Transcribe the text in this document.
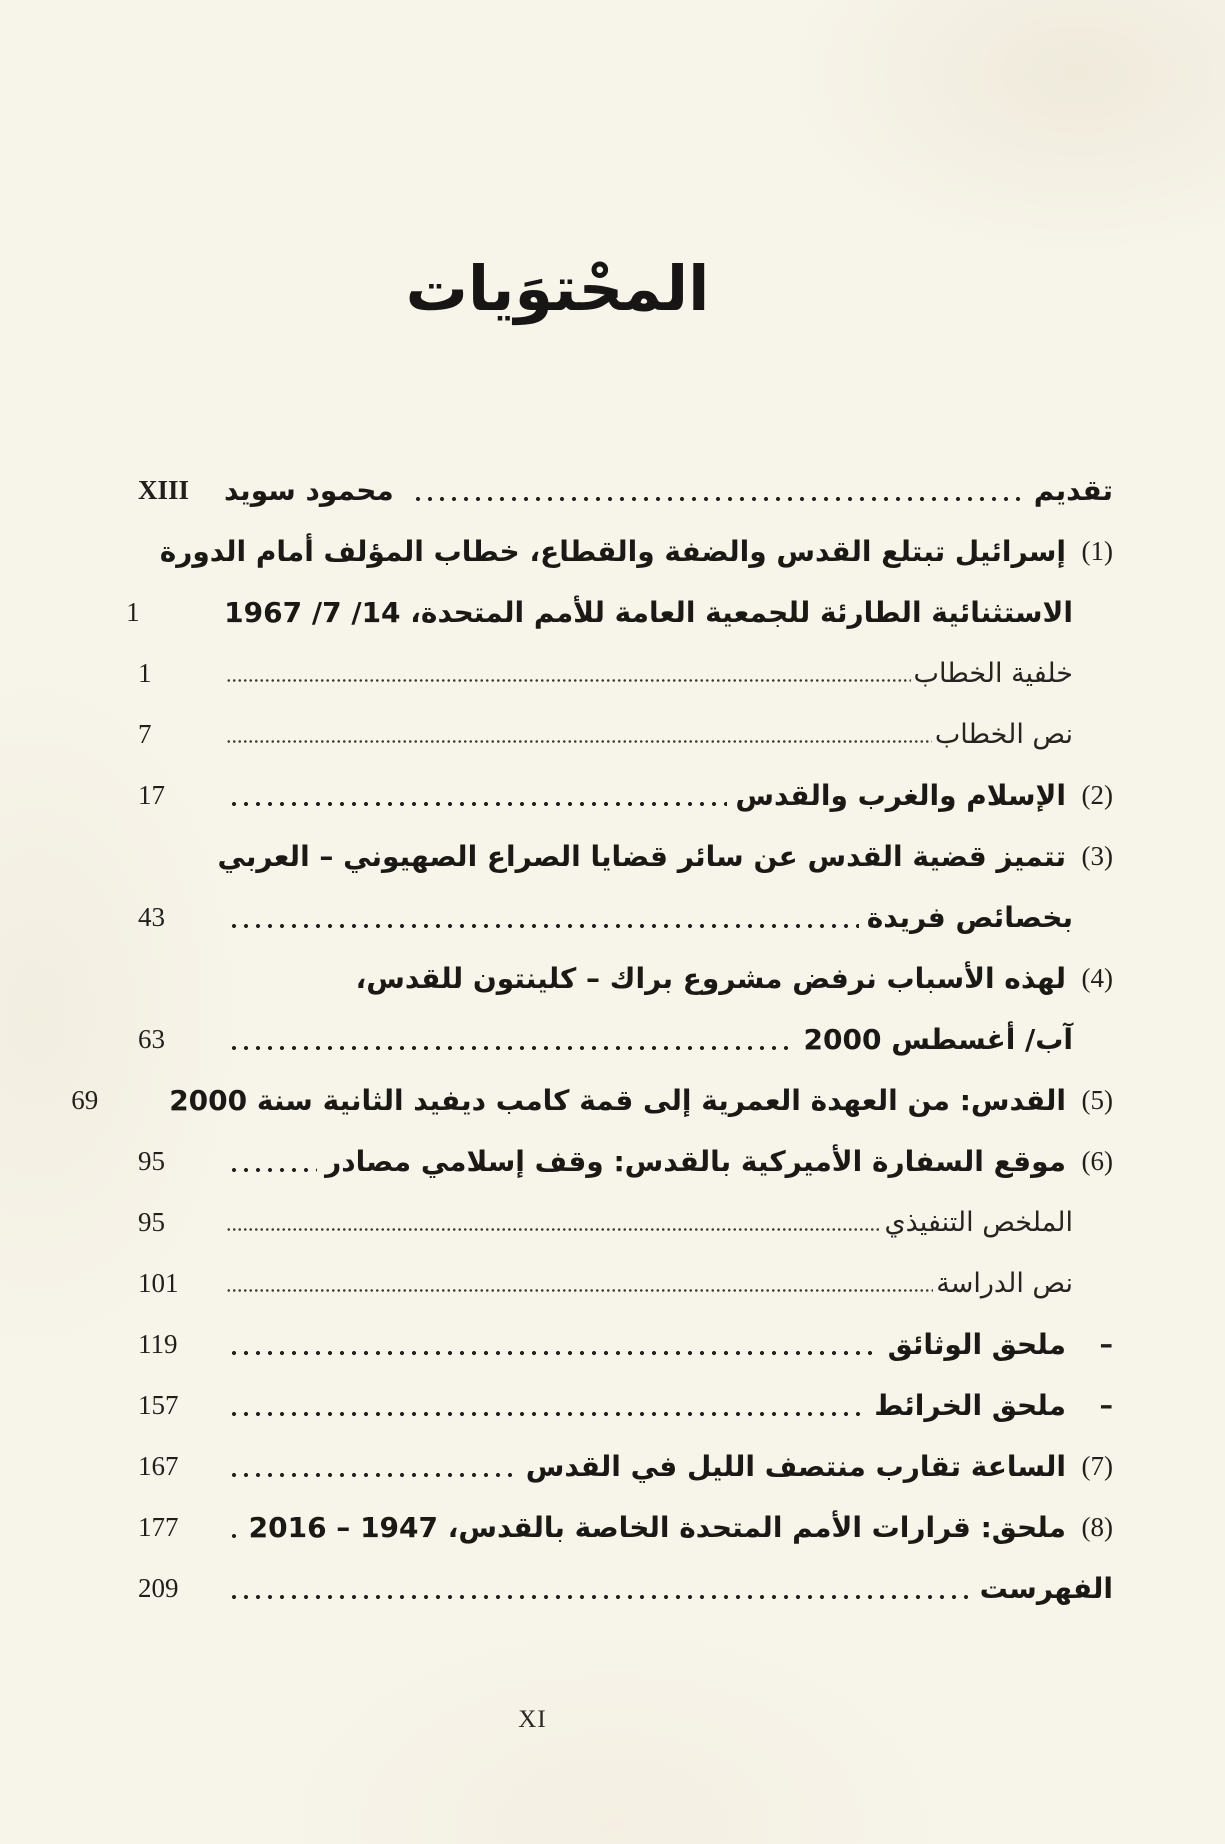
المحْتوَيات
تقديم
محمود سويد
XIII
(1)
إسرائيل تبتلع القدس والضفة والقطاع، خطاب المؤلف أمام الدورة
الاستثنائية الطارئة للجمعية العامة للأمم المتحدة، 14/ 7/ 1967
1
خلفية الخطاب
1
نص الخطاب
7
(2)
الإسلام والغرب والقدس
17
(3)
تتميز قضية القدس عن سائر قضايا الصراع الصهيوني – العربي
بخصائص فريدة
43
(4)
لهذه الأسباب نرفض مشروع براك – كلينتون للقدس،
آب/ أغسطس 2000
63
(5)
القدس: من العهدة العمرية إلى قمة كامب ديفيد الثانية سنة 2000
69
(6)
موقع السفارة الأميركية بالقدس: وقف إسلامي مصادر
95
الملخص التنفيذي
95
نص الدراسة
101
–
ملحق الوثائق
119
–
ملحق الخرائط
157
(7)
الساعة تقارب منتصف الليل في القدس
167
(8)
ملحق: قرارات الأمم المتحدة الخاصة بالقدس، 1947 – 2016
177
الفهرست
209
XI
